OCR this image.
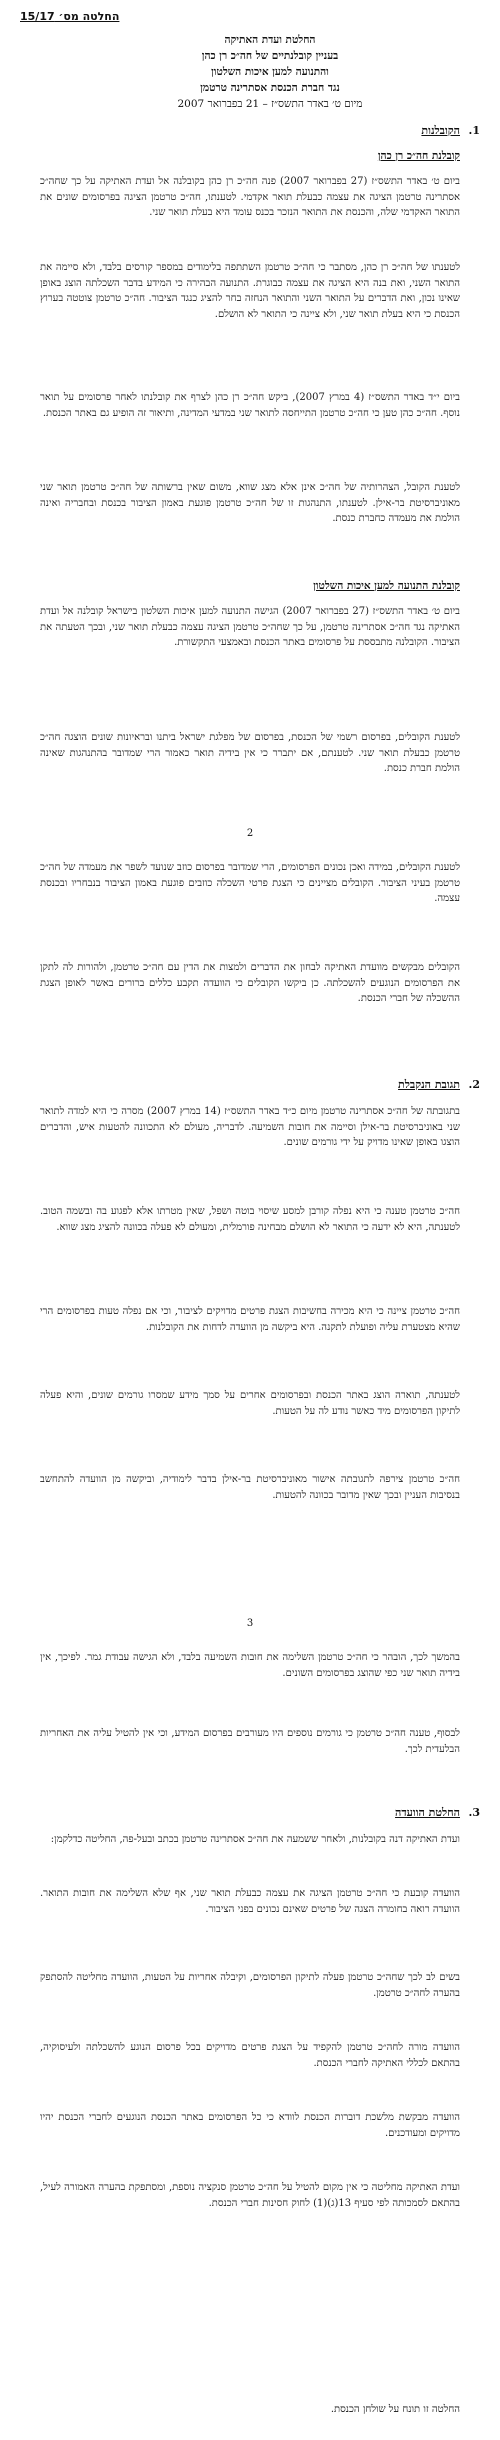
החלטה מס׳ 15/17
החלטת ועדת האתיקה
בעניין קובלנתיים של חה״כ רן כהן
והתנועה למען איכות השלטון
נגד חברת הכנסת אסתרינה טרטמן
מיום ט׳ באדר התשס״ז – 21 בפברואר 2007
1.
הקובלנות
קובלנת חה״כ רן כהן
ביום ט׳ באדר התשס״ז (27 בפברואר 2007) פנה חה״כ רן כהן בקובלנה אל ועדת האתיקה על כך שחה״כ אסתרינה טרטמן הציגה את עצמה כבעלת תואר אקדמי. לטענתו, חה״כ טרטמן הציגה בפרסומים שונים את התואר האקדמי שלה, והכנסת את התואר הנזכר בכנס עומד היא בעלת תואר שני.
לטענתו של חה״כ רן כהן, מסתבר כי חה״כ טרטמן השתתפה בלימודים במספר קורסים בלבד, ולא סיימה את התואר השני, ואת בנה היא הציגה את עצמה כבוגרת. התנועה הבהירה כי המידע בדבר השכלתה הוצג באופן שאינו נכון, ואת הדברים על התואר השני והתואר הנחזה בחר להציג כנגד הציבור. חה״כ טרטמן צוטטה בערוץ הכנסת כי היא בעלת תואר שני, ולא ציינה כי התואר לא הושלם.
ביום י״ד באדר התשס״ז (4 במרץ 2007), ביקש חה״כ רן כהן לצרף את קובלנתו לאחר פרסומים על תואר נוסף. חה״כ כהן טען כי חה״כ טרטמן התייחסה לתואר שני במדעי המדינה, ותיאור זה הופיע גם באתר הכנסת.
לטענת הקובל, הצהרותיה של חה״כ אינן אלא מצג שווא, משום שאין ברשותה של חה״כ טרטמן תואר שני מאוניברסיטת בר-אילן. לטענתו, התנהגות זו של חה״כ טרטמן פוגעת באמון הציבור בכנסת ובחבריה ואינה הולמת את מעמדה כחברת כנסת.
קובלנת התנועה למען איכות השלטון
ביום ט׳ באדר התשס״ז (27 בפברואר 2007) הגישה התנועה למען איכות השלטון בישראל קובלנה אל ועדת האתיקה נגד חה״כ אסתרינה טרטמן, על כך שחה״כ טרטמן הציגה עצמה כבעלת תואר שני, ובכך הטעתה את הציבור. הקובלנה מתבססת על פרסומים באתר הכנסת ובאמצעי התקשורת.
לטענת הקובלים, בפרסום רשמי של הכנסת, בפרסום של מפלגת ישראל ביתנו ובראיונות שונים הוצגה חה״כ טרטמן כבעלת תואר שני. לטענתם, אם יתברר כי אין בידיה תואר כאמור הרי שמדובר בהתנהגות שאינה הולמת חברת כנסת.
2
לטענת הקובלים, במידה ואכן נכונים הפרסומים, הרי שמדובר בפרסום כוזב שנועד לשפר את מעמדה של חה״כ טרטמן בעיני הציבור. הקובלים מציינים כי הצגת פרטי השכלה כוזבים פוגעת באמון הציבור בנבחריו ובכנסת עצמה.
הקובלים מבקשים מוועדת האתיקה לבחון את הדברים ולמצות את הדין עם חה״כ טרטמן, ולהורות לה לתקן את הפרסומים הנוגעים להשכלתה. כן ביקשו הקובלים כי הוועדה תקבע כללים ברורים באשר לאופן הצגת ההשכלה של חברי הכנסת.
2.
תגובת הנקבלת
בתגובתה של חה״כ אסתרינה טרטמן מיום כ״ד באדר התשס״ז (14 במרץ 2007) מסרה כי היא למדה לתואר שני באוניברסיטת בר-אילן וסיימה את חובות השמיעה. לדבריה, מעולם לא התכוונה להטעות איש, והדברים הוצגו באופן שאינו מדויק על ידי גורמים שונים.
חה״כ טרטמן טענה כי היא נפלה קורבן למסע שיסוי בוטה ושפל, שאין מטרתו אלא לפגוע בה ובשמה הטוב. לטענתה, היא לא ידעה כי התואר לא הושלם מבחינה פורמלית, ומעולם לא פעלה בכוונה להציג מצג שווא.
חה״כ טרטמן ציינה כי היא מכירה בחשיבות הצגת פרטים מדויקים לציבור, וכי אם נפלה טעות בפרסומים הרי שהיא מצטערת עליה ופועלת לתקנה. היא ביקשה מן הוועדה לדחות את הקובלנות.
לטענתה, תוארה הוצג באתר הכנסת ובפרסומים אחרים על סמך מידע שמסרו גורמים שונים, והיא פעלה לתיקון הפרסומים מיד כאשר נודע לה על הטעות.
חה״כ טרטמן צירפה לתגובתה אישור מאוניברסיטת בר-אילן בדבר לימודיה, וביקשה מן הוועדה להתחשב בנסיבות העניין ובכך שאין מדובר בכוונה להטעות.
3
בהמשך לכך, הובהר כי חה״כ טרטמן השלימה את חובות השמיעה בלבד, ולא הגישה עבודת גמר. לפיכך, אין בידיה תואר שני כפי שהוצג בפרסומים השונים.
לבסוף, טענה חה״כ טרטמן כי גורמים נוספים היו מעורבים בפרסום המידע, וכי אין להטיל עליה את האחריות הבלעדית לכך.
3.
החלטת הוועדה
ועדת האתיקה דנה בקובלנות, ולאחר ששמעה את חה״כ אסתרינה טרטמן בכתב ובעל-פה, החליטה כדלקמן:
הוועדה קובעת כי חה״כ טרטמן הציגה את עצמה כבעלת תואר שני, אף שלא השלימה את חובות התואר. הוועדה רואה בחומרה הצגה של פרטים שאינם נכונים בפני הציבור.
בשים לב לכך שחה״כ טרטמן פעלה לתיקון הפרסומים, וקיבלה אחריות על הטעות, הוועדה מחליטה להסתפק בהערה לחה״כ טרטמן.
הוועדה מורה לחה״כ טרטמן להקפיד על הצגת פרטים מדויקים בכל פרסום הנוגע להשכלתה ולעיסוקיה, בהתאם לכללי האתיקה לחברי הכנסת.
הוועדה מבקשת מלשכת דוברות הכנסת לוודא כי כל הפרסומים באתר הכנסת הנוגעים לחברי הכנסת יהיו מדויקים ומעודכנים.
ועדת האתיקה מחליטה כי אין מקום להטיל על חה״כ טרטמן סנקציה נוספת, ומסתפקת בהערה האמורה לעיל, בהתאם לסמכותה לפי סעיף 13(ג)(1) לחוק חסינות חברי הכנסת.
החלטה זו תונח על שולחן הכנסת.
